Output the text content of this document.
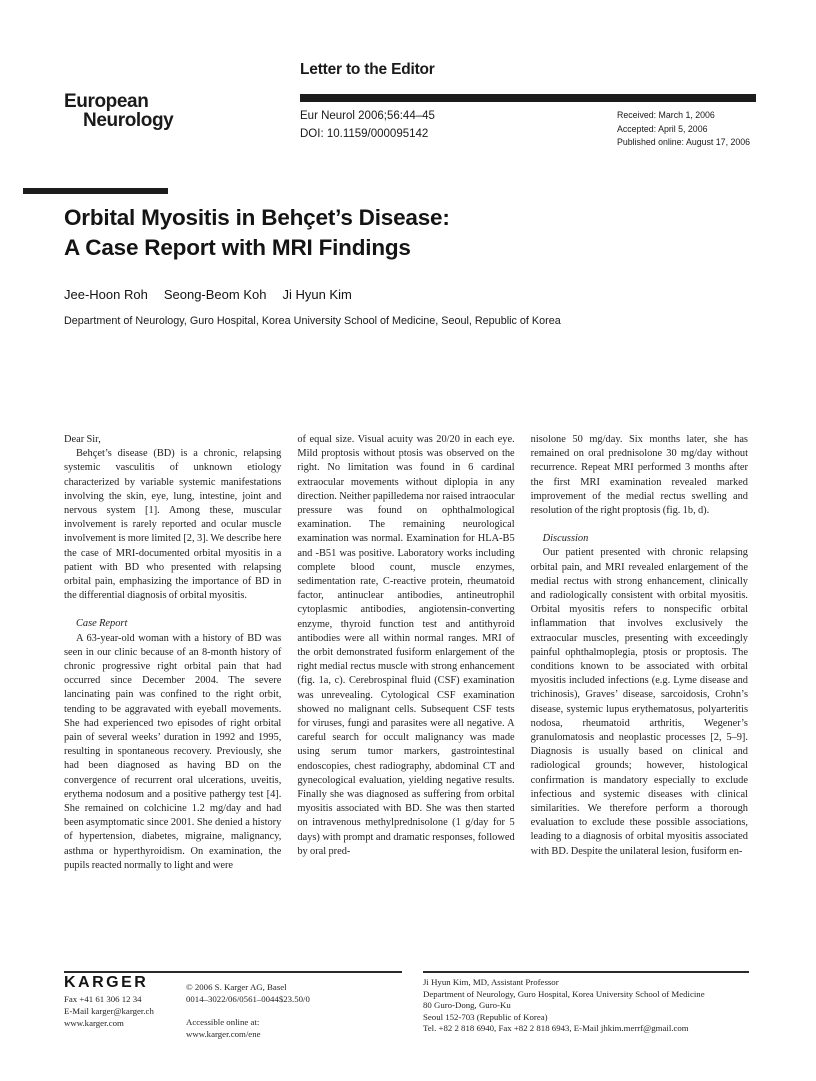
European
Neurology
Letter to the Editor
Eur Neurol 2006;56:44–45
DOI: 10.1159/000095142
Received: March 1, 2006
Accepted: April 5, 2006
Published online: August 17, 2006
Orbital Myositis in Behçet’s Disease:
A Case Report with MRI Findings
Jee-Hoon Roh Seong-Beom Koh Ji Hyun Kim
Department of Neurology, Guro Hospital, Korea University School of Medicine, Seoul, Republic of Korea

Dear Sir,

Behçet’s disease (BD) is a chronic, relapsing systemic vasculitis of unknown etiology characterized by variable systemic manifestations involving the skin, eye, lung, intestine, joint and nervous system [1]. Among these, muscular involvement is rarely reported and ocular muscle involvement is more limited [2, 3]. We describe here the case of MRI-documented orbital myositis in a patient with BD who presented with relapsing orbital pain, emphasizing the importance of BD in the differential diagnosis of orbital myositis.

Case Report

A 63-year-old woman with a history of BD was seen in our clinic because of an 8-month history of chronic progressive right orbital pain that had occurred since December 2004. The severe lancinating pain was confined to the right orbit, tending to be aggravated with eyeball movements. She had experienced two episodes of right orbital pain of several weeks’ duration in 1992 and 1995, resulting in spontaneous recovery. Previously, she had been diagnosed as having BD on the convergence of recurrent oral ulcerations, uveitis, erythema nodosum and a positive pathergy test [4]. She remained on colchicine 1.2 mg/day and had been asymptomatic since 2001. She denied a history of hypertension, diabetes, migraine, malignancy, asthma or hyperthyroidism. On examination, the pupils reacted normally to light and were

of equal size. Visual acuity was 20/20 in each eye. Mild proptosis without ptosis was observed on the right. No limitation was found in 6 cardinal extraocular movements without diplopia in any direction. Neither papilledema nor raised intraocular pressure was found on ophthalmological examination. The remaining neurological examination was normal. Examination for HLA-B5 and -B51 was positive. Laboratory works including complete blood count, muscle enzymes, sedimentation rate, C-reactive protein, rheumatoid factor, antinuclear antibodies, antineutrophil cytoplasmic antibodies, angiotensin-converting enzyme, thyroid function test and antithyroid antibodies were all within normal ranges. MRI of the orbit demonstrated fusiform enlargement of the right medial rectus muscle with strong enhancement (fig. 1a, c). Cerebrospinal fluid (CSF) examination was unrevealing. Cytological CSF examination showed no malignant cells. Subsequent CSF tests for viruses, fungi and parasites were all negative. A careful search for occult malignancy was made using serum tumor markers, gastrointestinal endoscopies, chest radiography, abdominal CT and gynecological evaluation, yielding negative results. Finally she was diagnosed as suffering from orbital myositis associated with BD. She was then started on intravenous methylprednisolone (1 g/day for 5 days) with prompt and dramatic responses, followed by oral pred-

nisolone 50 mg/day. Six months later, she has remained on oral prednisolone 30 mg/day without recurrence. Repeat MRI performed 3 months after the first MRI examination revealed marked improvement of the medial rectus swelling and resolution of the right proptosis (fig. 1b, d).

Discussion

Our patient presented with chronic relapsing orbital pain, and MRI revealed enlargement of the medial rectus with strong enhancement, clinically and radiologically consistent with orbital myositis. Orbital myositis refers to nonspecific orbital inflammation that involves exclusively the extraocular muscles, presenting with exceedingly painful ophthalmoplegia, ptosis or proptosis. The conditions known to be associated with orbital myositis included infections (e.g. Lyme disease and trichinosis), Graves’ disease, sarcoidosis, Crohn’s disease, systemic lupus erythematosus, polyarteritis nodosa, rheumatoid arthritis, Wegener’s granulomatosis and neoplastic processes [2, 5–9]. Diagnosis is usually based on clinical and radiological grounds; however, histological confirmation is mandatory especially to exclude infectious and systemic diseases with clinical similarities. We therefore perform a thorough evaluation to exclude these possible associations, leading to a diagnosis of orbital myositis associated with BD. Despite the unilateral lesion, fusiform en-

KARGER
Fax +41 61 306 12 34
E-Mail karger@karger.ch
www.karger.com
© 2006 S. Karger AG, Basel
0014–3022/06/0561–0044$23.50/0
Accessible online at:
www.karger.com/ene
Ji Hyun Kim, MD, Assistant Professor
Department of Neurology, Guro Hospital, Korea University School of Medicine
80 Guro-Dong, Guro-Ku
Seoul 152-703 (Republic of Korea)
Tel. +82 2 818 6940, Fax +82 2 818 6943, E-Mail jhkim.merrf@gmail.com
